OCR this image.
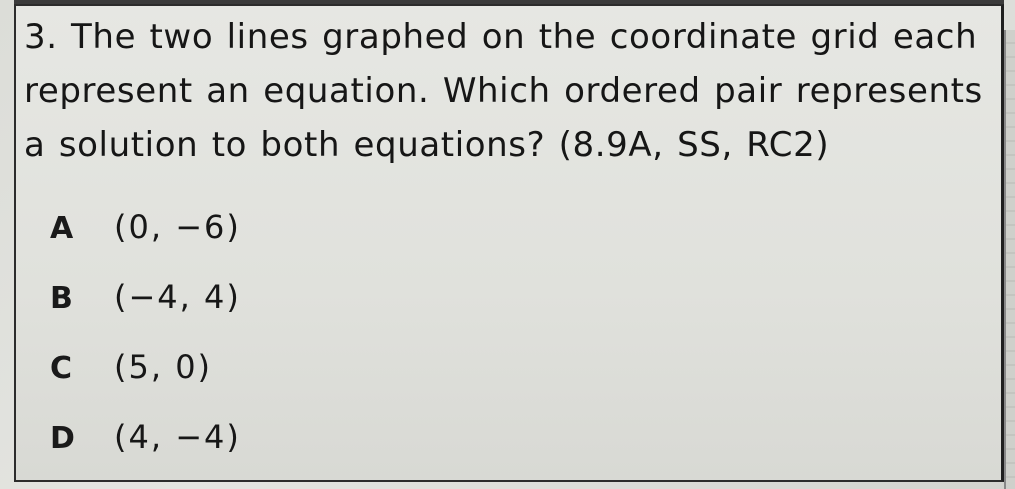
3. The two lines graphed on the coordinate grid each represent an equation. Which ordered pair represents a solution to both equations? (8.9A, SS, RC2)

A	(0, −6)
B	(−4, 4)
C	(5, 0)
D	(4, −4)
